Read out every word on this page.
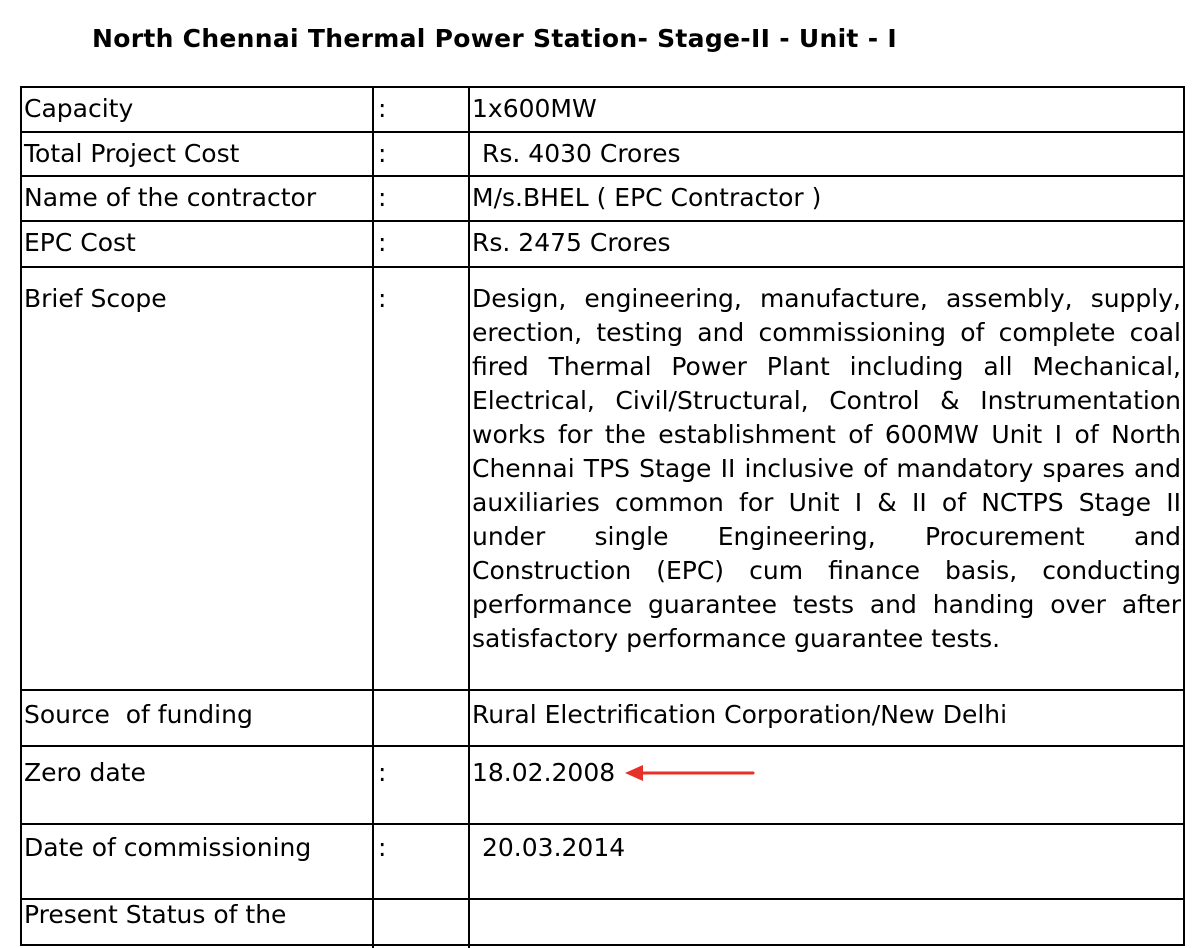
North Chennai Thermal Power Station- Stage-II - Unit - I
Capacity	:	1x600MW
Total Project Cost	:	Rs. 4030 Crores
Name of the contractor	:	M/s.BHEL ( EPC Contractor )
EPC Cost	:	Rs. 2475 Crores
Brief Scope	:	Design, engineering, manufacture, assembly, supply, erection, testing and commissioning of complete coal fired Thermal Power Plant including all Mechanical, Electrical, Civil/Structural, Control & Instrumentation works for the establishment of 600MW Unit I of North Chennai TPS Stage II inclusive of mandatory spares and auxiliaries common for Unit I & II of NCTPS Stage II under single Engineering, Procurement and Construction (EPC) cum finance basis, conducting performance guarantee tests and handing over after satisfactory performance guarantee tests.
Source  of funding	Rural Electrification Corporation/New Delhi
Zero date	:	18.02.2008
Date of commissioning	:	20.03.2014
Present Status of the
